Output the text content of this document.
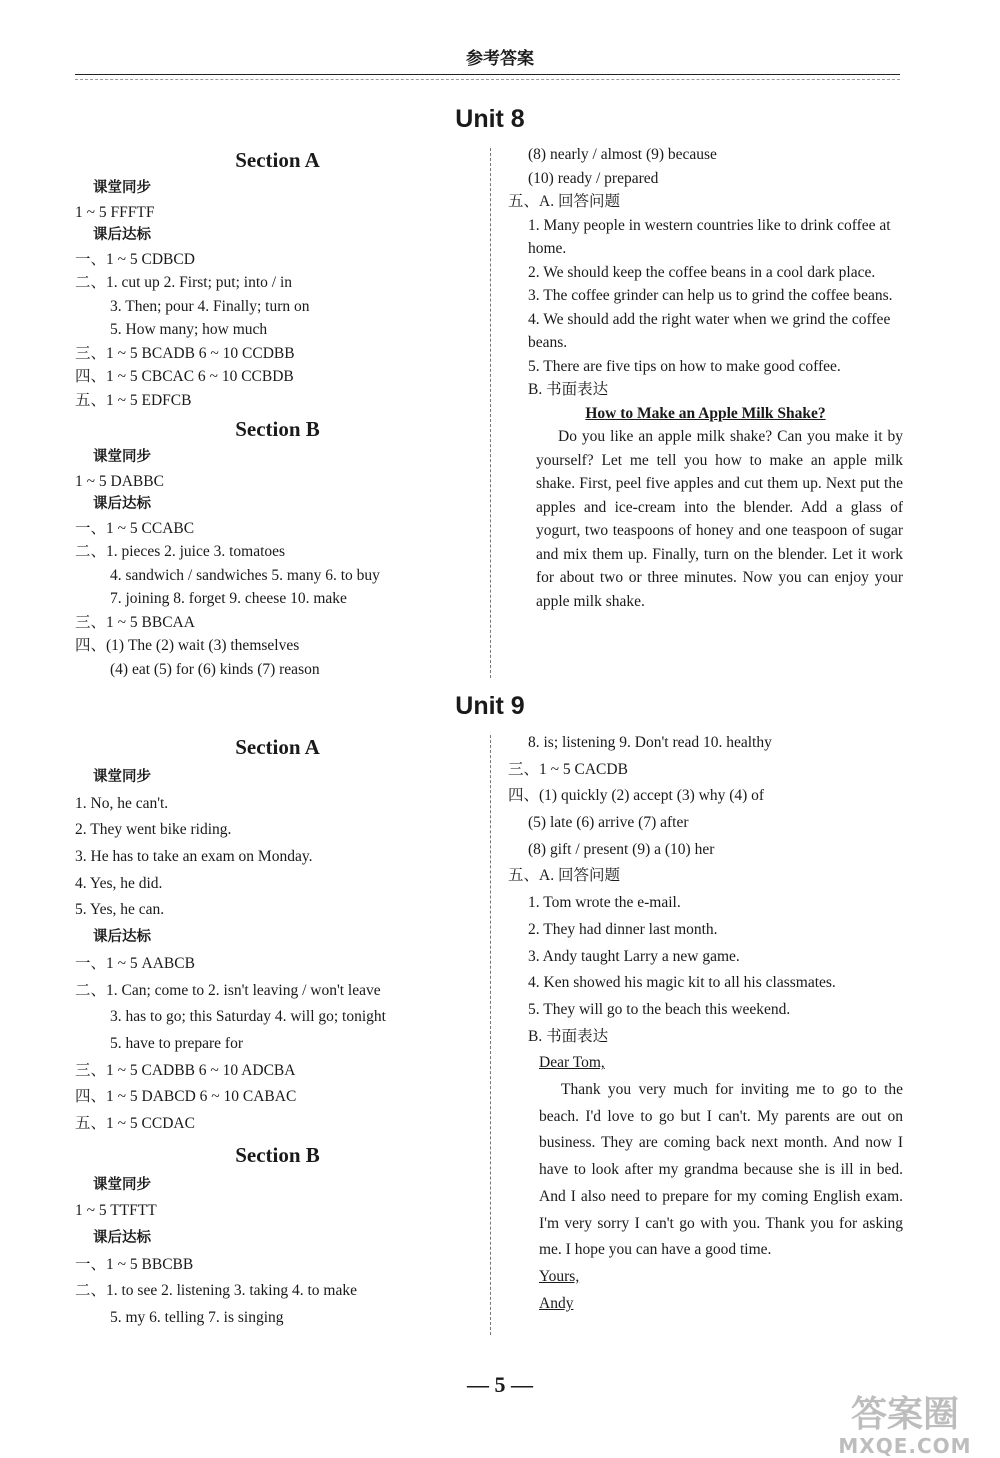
参考答案
Unit 8
Section A
课堂同步
1 ~ 5 FFFTF
课后达标
一、1 ~ 5 CDBCD
二、1. cut up 2. First; put; into / in
3. Then; pour 4. Finally; turn on
5. How many; how much
三、1 ~ 5 BCADB 6 ~ 10 CCDBB
四、1 ~ 5 CBCAC 6 ~ 10 CCBDB
五、1 ~ 5 EDFCB
Section B
课堂同步
1 ~ 5 DABBC
课后达标
一、1 ~ 5 CCABC
二、1. pieces 2. juice 3. tomatoes
4. sandwich / sandwiches 5. many 6. to buy
7. joining 8. forget 9. cheese 10. make
三、1 ~ 5 BBCAA
四、(1) The (2) wait (3) themselves
(4) eat (5) for (6) kinds (7) reason
(8) nearly / almost (9) because
(10) ready / prepared
五、A. 回答问题
1. Many people in western countries like to drink coffee at home.
2. We should keep the coffee beans in a cool dark place.
3. The coffee grinder can help us to grind the coffee beans.
4. We should add the right water when we grind the coffee beans.
5. There are five tips on how to make good coffee.
B. 书面表达
How to Make an Apple Milk Shake?

Do you like an apple milk shake? Can you make it by yourself? Let me tell you how to make an apple milk shake. First, peel five apples and cut them up. Next put the apples and ice-cream into the blender. Add a glass of yogurt, two teaspoons of honey and one teaspoon of sugar and mix them up. Finally, turn on the blender. Let it work for about two or three minutes. Now you can enjoy your apple milk shake.

Unit 9
Section A
课堂同步
1. No, he can't.
2. They went bike riding.
3. He has to take an exam on Monday.
4. Yes, he did.
5. Yes, he can.
课后达标
一、1 ~ 5 AABCB
二、1. Can; come to 2. isn't leaving / won't leave
3. has to go; this Saturday 4. will go; tonight
5. have to prepare for
三、1 ~ 5 CADBB 6 ~ 10 ADCBA
四、1 ~ 5 DABCD 6 ~ 10 CABAC
五、1 ~ 5 CCDAC
Section B
课堂同步
1 ~ 5 TTFTT
课后达标
一、1 ~ 5 BBCBB
二、1. to see 2. listening 3. taking 4. to make
5. my 6. telling 7. is singing
8. is; listening 9. Don't read 10. healthy
三、1 ~ 5 CACDB
四、(1) quickly (2) accept (3) why (4) of
(5) late (6) arrive (7) after
(8) gift / present (9) a (10) her
五、A. 回答问题
1. Tom wrote the e-mail.
2. They had dinner last month.
3. Andy taught Larry a new game.
4. Ken showed his magic kit to all his classmates.
5. They will go to the beach this weekend.
B. 书面表达
Dear Tom,

Thank you very much for inviting me to go to the beach. I'd love to go but I can't. My parents are out on business. They are coming back next month. And now I have to look after my grandma because she is ill in bed. And I also need to prepare for my coming English exam. I'm very sorry I can't go with you. Thank you for asking me. I hope you can have a good time.

Yours,
Andy
— 5 —
答案圈
MXQE.COM
